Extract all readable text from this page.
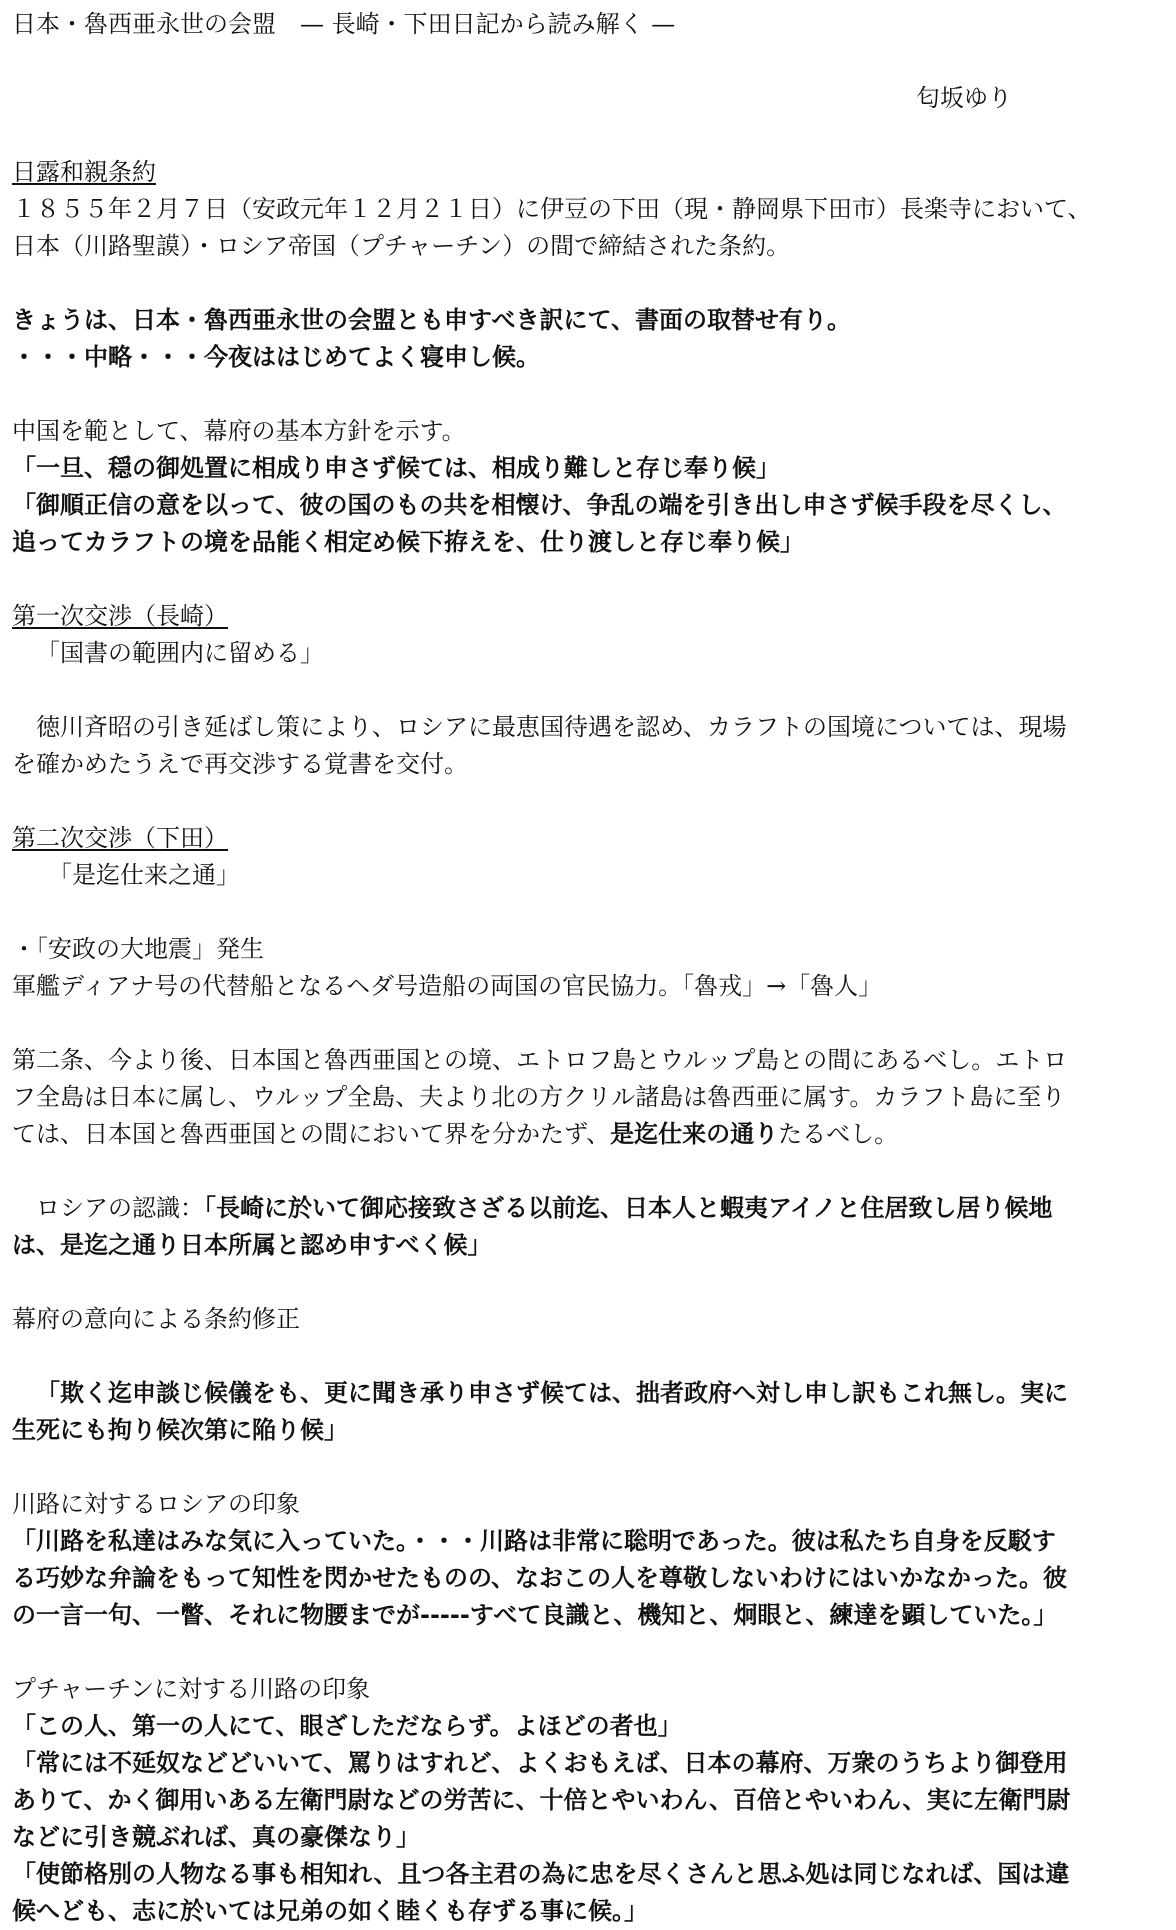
日本・魯西亜永世の会盟　— 長崎・下田日記から読み解く —
匂坂ゆり
日露和親条約
１８５５年２月７日（安政元年１２月２１日）に伊豆の下田（現・静岡県下田市）長楽寺において、
日本（川路聖謨）・ロシア帝国（プチャーチン）の間で締結された条約。
きょうは、日本・魯西亜永世の会盟とも申すべき訳にて、書面の取替せ有り。
・・・中略・・・今夜ははじめてよく寝申し候。
中国を範として、幕府の基本方針を示す。
「一旦、穏の御処置に相成り申さず候ては、相成り難しと存じ奉り候」
「御順正信の意を以って、彼の国のもの共を相懐け、争乱の端を引き出し申さず候手段を尽くし、
追ってカラフトの境を品能く相定め候下拵えを、仕り渡しと存じ奉り候」
第一次交渉（長崎）
「国書の範囲内に留める」
徳川斉昭の引き延ばし策により、ロシアに最恵国待遇を認め、カラフトの国境については、現場
を確かめたうえで再交渉する覚書を交付。
第二次交渉（下田）
「是迄仕来之通」
・「安政の大地震」発生
軍艦ディアナ号の代替船となるヘダ号造船の両国の官民協力。「魯戎」→「魯人」
第二条、今より後、日本国と魯西亜国との境、エトロフ島とウルップ島との間にあるべし。エトロ
フ全島は日本に属し、ウルップ全島、夫より北の方クリル諸島は魯西亜に属す。カラフト島に至り
ては、日本国と魯西亜国との間において界を分かたず、是迄仕来の通りたるべし。
ロシアの認識：「長崎に於いて御応接致さざる以前迄、日本人と蝦夷アイノと住居致し居り候地
は、是迄之通り日本所属と認め申すべく候」
幕府の意向による条約修正
「欺く迄申談じ候儀をも、更に聞き承り申さず候ては、拙者政府へ対し申し訳もこれ無し。実に
生死にも拘り候次第に陥り候」
川路に対するロシアの印象
「川路を私達はみな気に入っていた。・・・川路は非常に聡明であった。彼は私たち自身を反駁す
る巧妙な弁論をもって知性を閃かせたものの、なおこの人を尊敬しないわけにはいかなかった。彼
の一言一句、一瞥、それに物腰までが-----すべて良識と、機知と、炯眼と、練達を顕していた。」
プチャーチンに対する川路の印象
「この人、第一の人にて、眼ざしただならず。よほどの者也」
「常には不延奴などどいいて、罵りはすれど、よくおもえば、日本の幕府、万衆のうちより御登用
ありて、かく御用いある左衛門尉などの労苦に、十倍とやいわん、百倍とやいわん、実に左衛門尉
などに引き競ぶれば、真の豪傑なり」
「使節格別の人物なる事も相知れ、且つ各主君の為に忠を尽くさんと思ふ処は同じなれば、国は違
候へども、志に於いては兄弟の如く睦くも存ずる事に候。」
